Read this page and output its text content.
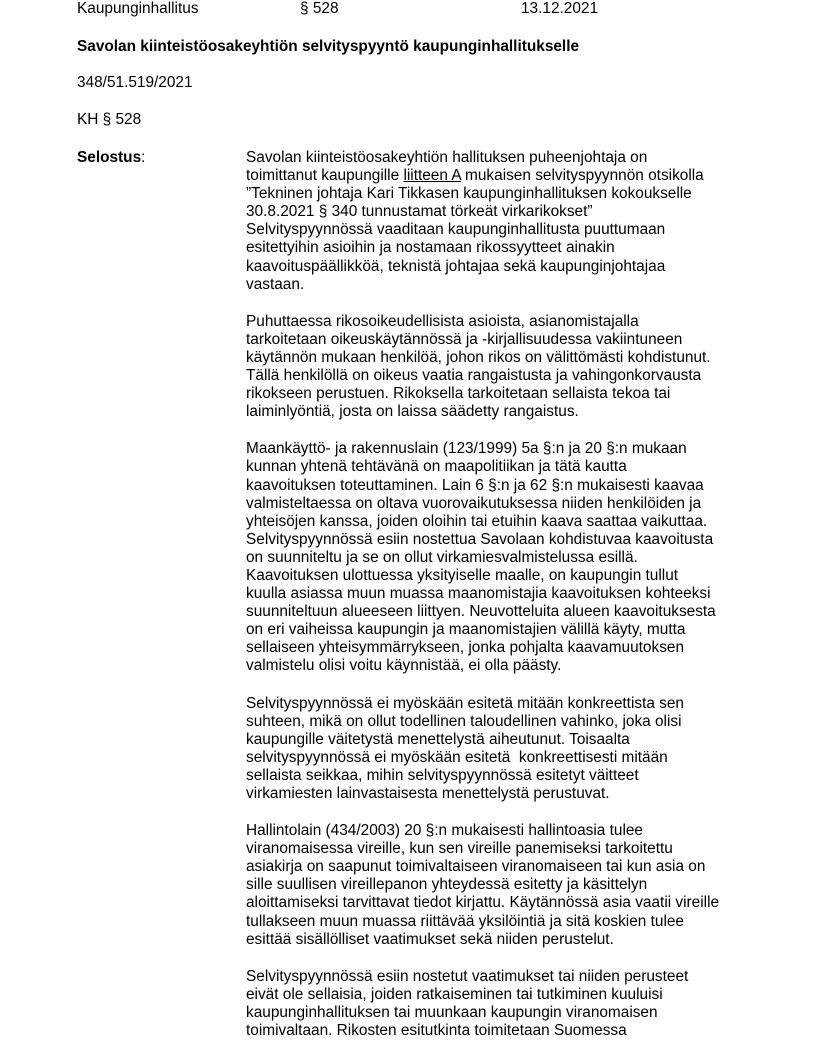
Kaupunginhallitus	§ 528	13.12.2021
Savolan kiinteistöosakeyhtiön selvityspyyntö kaupunginhallitukselle
348/51.519/2021
KH § 528
Selostus:	Savolan kiinteistöosakeyhtiön hallituksen puheenjohtaja on
toimittanut kaupungille liitteen A mukaisen selvityspyynnön otsikolla
”Tekninen johtaja Kari Tikkasen kaupunginhallituksen kokoukselle
30.8.2021 § 340 tunnustamat törkeät virkarikokset”
Selvityspyynnössä vaaditaan kaupunginhallitusta puuttumaan
esitettyihin asioihin ja nostamaan rikossyytteet ainakin
kaavoituspäällikköä, teknistä johtajaa sekä kaupunginjohtajaa
vastaan.
Puhuttaessa rikosoikeudellisista asioista, asianomistajalla
tarkoitetaan oikeuskäytännössä ja -kirjallisuudessa vakiintuneen
käytännön mukaan henkilöä, johon rikos on välittömästi kohdistunut.
Tällä henkilöllä on oikeus vaatia rangaistusta ja vahingonkorvausta
rikokseen perustuen. Rikoksella tarkoitetaan sellaista tekoa tai
laiminlyöntiä, josta on laissa säädetty rangaistus.
Maankäyttö- ja rakennuslain (123/1999) 5a §:n ja 20 §:n mukaan
kunnan yhtenä tehtävänä on maapolitiikan ja tätä kautta
kaavoituksen toteuttaminen. Lain 6 §:n ja 62 §:n mukaisesti kaavaa
valmisteltaessa on oltava vuorovaikutuksessa niiden henkilöiden ja
yhteisöjen kanssa, joiden oloihin tai etuihin kaava saattaa vaikuttaa.
Selvityspyynnössä esiin nostettua Savolaan kohdistuvaa kaavoitusta
on suunniteltu ja se on ollut virkamiesvalmistelussa esillä.
Kaavoituksen ulottuessa yksityiselle maalle, on kaupungin tullut
kuulla asiassa muun muassa maanomistajia kaavoituksen kohteeksi
suunniteltuun alueeseen liittyen. Neuvotteluita alueen kaavoituksesta
on eri vaiheissa kaupungin ja maanomistajien välillä käyty, mutta
sellaiseen yhteisymmärrykseen, jonka pohjalta kaavamuutoksen
valmistelu olisi voitu käynnistää, ei olla päästy.
Selvityspyynnössä ei myöskään esitetä mitään konkreettista sen
suhteen, mikä on ollut todellinen taloudellinen vahinko, joka olisi
kaupungille väitetystä menettelystä aiheutunut. Toisaalta
selvityspyynnössä ei myöskään esitetä  konkreettisesti mitään
sellaista seikkaa, mihin selvityspyynnössä esitetyt väitteet
virkamiesten lainvastaisesta menettelystä perustuvat.
Hallintolain (434/2003) 20 §:n mukaisesti hallintoasia tulee
viranomaisessa vireille, kun sen vireille panemiseksi tarkoitettu
asiakirja on saapunut toimivaltaiseen viranomaiseen tai kun asia on
sille suullisen vireillepanon yhteydessä esitetty ja käsittelyn
aloittamiseksi tarvittavat tiedot kirjattu. Käytännössä asia vaatii vireille
tullakseen muun muassa riittävää yksilöintiä ja sitä koskien tulee
esittää sisällölliset vaatimukset sekä niiden perustelut.
Selvityspyynnössä esiin nostetut vaatimukset tai niiden perusteet
eivät ole sellaisia, joiden ratkaiseminen tai tutkiminen kuuluisi
kaupunginhallituksen tai muunkaan kaupungin viranomaisen
toimivaltaan. Rikosten esitutkinta toimitetaan Suomessa
